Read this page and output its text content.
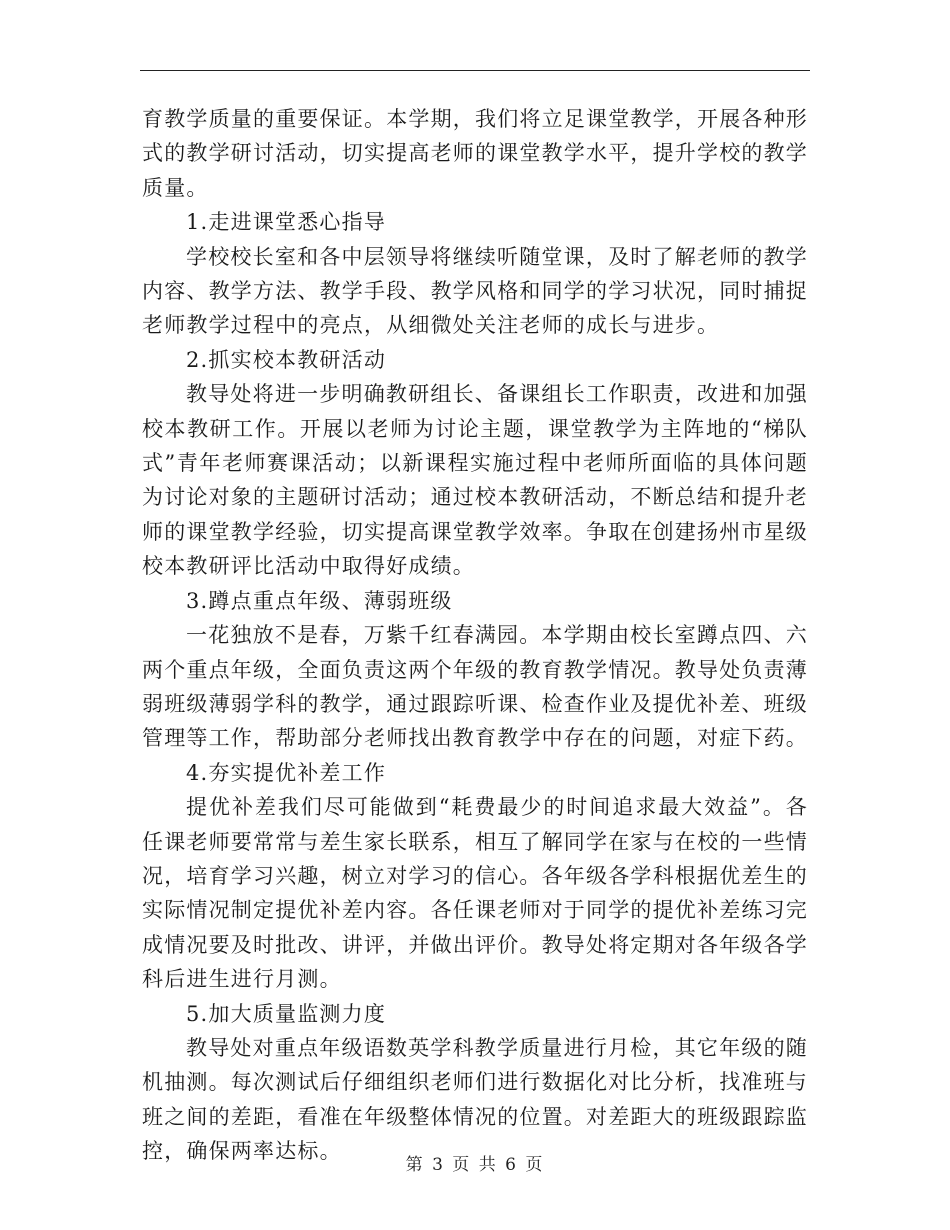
育教学质量的重要保证。本学期，我们将立足课堂教学，开展各种形式的教学研讨活动，切实提高老师的课堂教学水平，提升学校的教学质量。

1.走进课堂悉心指导

学校校长室和各中层领导将继续听随堂课，及时了解老师的教学内容、教学方法、教学手段、教学风格和同学的学习状况，同时捕捉老师教学过程中的亮点，从细微处关注老师的成长与进步。

2.抓实校本教研活动

教导处将进一步明确教研组长、备课组长工作职责，改进和加强校本教研工作。开展以老师为讨论主题，课堂教学为主阵地的“梯队式”青年老师赛课活动；以新课程实施过程中老师所面临的具体问题为讨论对象的主题研讨活动；通过校本教研活动，不断总结和提升老师的课堂教学经验，切实提高课堂教学效率。争取在创建扬州市星级校本教研评比活动中取得好成绩。

3.蹲点重点年级、薄弱班级

一花独放不是春，万紫千红春满园。本学期由校长室蹲点四、六两个重点年级，全面负责这两个年级的教育教学情况。教导处负责薄弱班级薄弱学科的教学，通过跟踪听课、检查作业及提优补差、班级管理等工作，帮助部分老师找出教育教学中存在的问题，对症下药。

4.夯实提优补差工作

提优补差我们尽可能做到“耗费最少的时间追求最大效益”。各任课老师要常常与差生家长联系，相互了解同学在家与在校的一些情况，培育学习兴趣，树立对学习的信心。各年级各学科根据优差生的实际情况制定提优补差内容。各任课老师对于同学的提优补差练习完成情况要及时批改、讲评，并做出评价。教导处将定期对各年级各学科后进生进行月测。

5.加大质量监测力度

教导处对重点年级语数英学科教学质量进行月检，其它年级的随机抽测。每次测试后仔细组织老师们进行数据化对比分析，找准班与班之间的差距，看准在年级整体情况的位置。对差距大的班级跟踪监控，确保两率达标。

第 3 页 共 6 页
